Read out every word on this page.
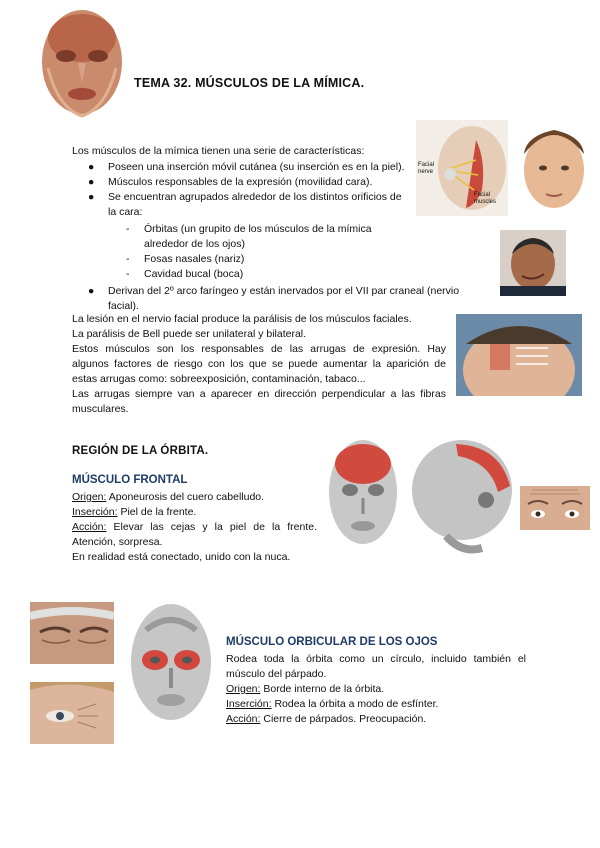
TEMA 32. MÚSCULOS DE LA MÍMICA.
Los músculos de la mímica tienen una serie de características:
● Poseen una inserción móvil cutánea (su inserción es en la piel).
● Músculos responsables de la expresión (movilidad cara).
● Se encuentran agrupados alrededor de los distintos orificios de
la cara:
- Órbitas (un grupito de los músculos de la mímica
alrededor de los ojos)
- Fosas nasales (nariz)
- Cavidad bucal (boca)
● Derivan del 2º arco faríngeo y están inervados por el VII par craneal (nervio
facial).
Facial nerve
Facial muscles
La lesión en el nervio facial produce la parálisis de los músculos faciales.
La parálisis de Bell puede ser unilateral y bilateral.
Estos músculos son los responsables de las arrugas de expresión. Hay
algunos factores de riesgo con los que se puede aumentar la aparición de
estas arrugas como: sobreexposición, contaminación, tabaco...
Las arrugas siempre van a aparecer en dirección perpendicular a las fibras
musculares.
REGIÓN DE LA ÓRBITA.
MÚSCULO FRONTAL
Origen: Aponeurosis del cuero cabelludo.
Inserción: Piel de la frente.
Acción: Elevar las cejas y la piel de la frente.
Atención, sorpresa.
En realidad está conectado, unido con la nuca.
MÚSCULO ORBICULAR DE LOS OJOS
Rodea toda la órbita como un círculo, incluido también el
músculo del párpado.
Origen: Borde interno de la órbita.
Inserción: Rodea la órbita a modo de esfínter.
Acción: Cierre de párpados. Preocupación.
